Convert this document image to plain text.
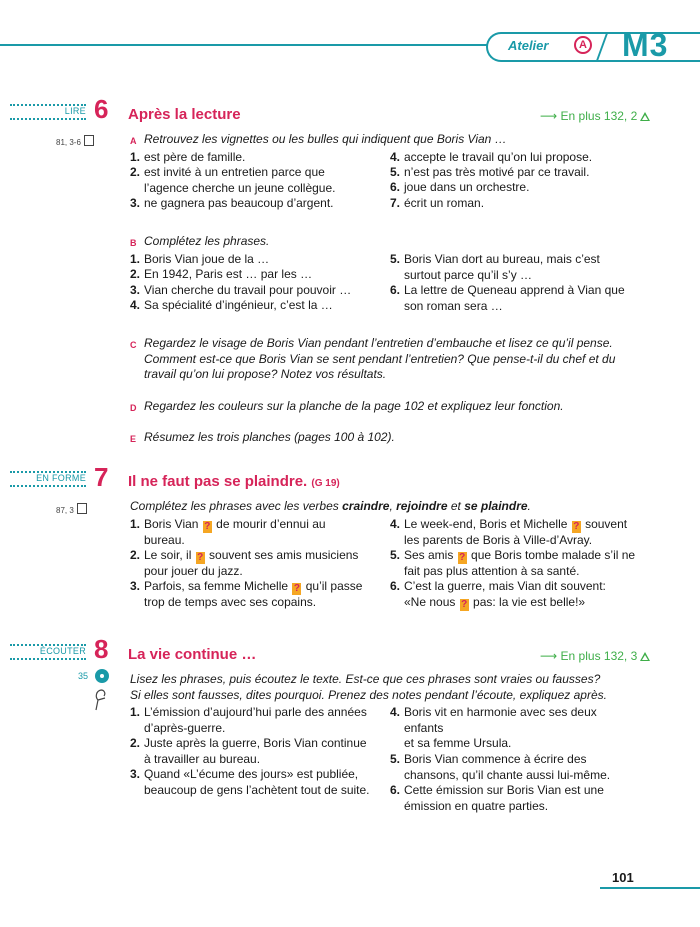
Atelier	A M3
LIRE 6 Après la lecture	⟶ En plus 132, 2
81, 3-6	A Retrouvez les vignettes ou les bulles qui indiquent que Boris Vian …
1. est père de famille.
2. est invité à un entretien parce que
l’agence cherche un jeune collègue.
3. ne gagnera pas beaucoup d’argent.
4. accepte le travail qu’on lui propose.
5. n’est pas très motivé par ce travail.
6. joue dans un orchestre.
7. écrit un roman.
B Complétez les phrases.
1. Boris Vian joue de la …
2. En 1942, Paris est … par les …
3. Vian cherche du travail pour pouvoir …
4. Sa spécialité d’ingénieur, c’est la …
5. Boris Vian dort au bureau, mais c’est
surtout parce qu’il s’y …
6. La lettre de Queneau apprend à Vian que
son roman sera …
C Regardez le visage de Boris Vian pendant l’entretien d’embauche et lisez ce qu’il pense.
Comment est-ce que Boris Vian se sent pendant l’entretien? Que pense-t-il du chef et du
travail qu’on lui propose? Notez vos résultats.
D Regardez les couleurs sur la planche de la page 102 et expliquez leur fonction.
E Résumez les trois planches (pages 100 à 102).
EN FORME 7 Il ne faut pas se plaindre. (G 19)
87, 3	Complétez les phrases avec les verbes craindre, rejoindre et se plaindre.
1. Boris Vian ? de mourir d’ennui au
bureau.
2. Le soir, il ? souvent ses amis musiciens
pour jouer du jazz.
3. Parfois, sa femme Michelle ? qu’il passe
trop de temps avec ses copains.
4. Le week-end, Boris et Michelle ? souvent
les parents de Boris à Ville-d’Avray.
5. Ses amis ? que Boris tombe malade s’il ne
fait pas plus attention à sa santé.
6. C’est la guerre, mais Vian dit souvent:
«Ne nous ? pas: la vie est belle!»
ÉCOUTER 8 La vie continue …	⟶ En plus 132, 3
35	Lisez les phrases, puis écoutez le texte. Est-ce que ces phrases sont vraies ou fausses?
Si elles sont fausses, dites pourquoi. Prenez des notes pendant l’écoute, expliquez après.
1. L’émission d’aujourd’hui parle des années
d’après-guerre.
2. Juste après la guerre, Boris Vian continue
à travailler au bureau.
3. Quand «L’écume des jours» est publiée,
beaucoup de gens l’achètent tout de suite.
4. Boris vit en harmonie avec ses deux
enfants
et sa femme Ursula.
5. Boris Vian commence à écrire des
chansons, qu’il chante aussi lui-même.
6. Cette émission sur Boris Vian est une
émission en quatre parties.
101
